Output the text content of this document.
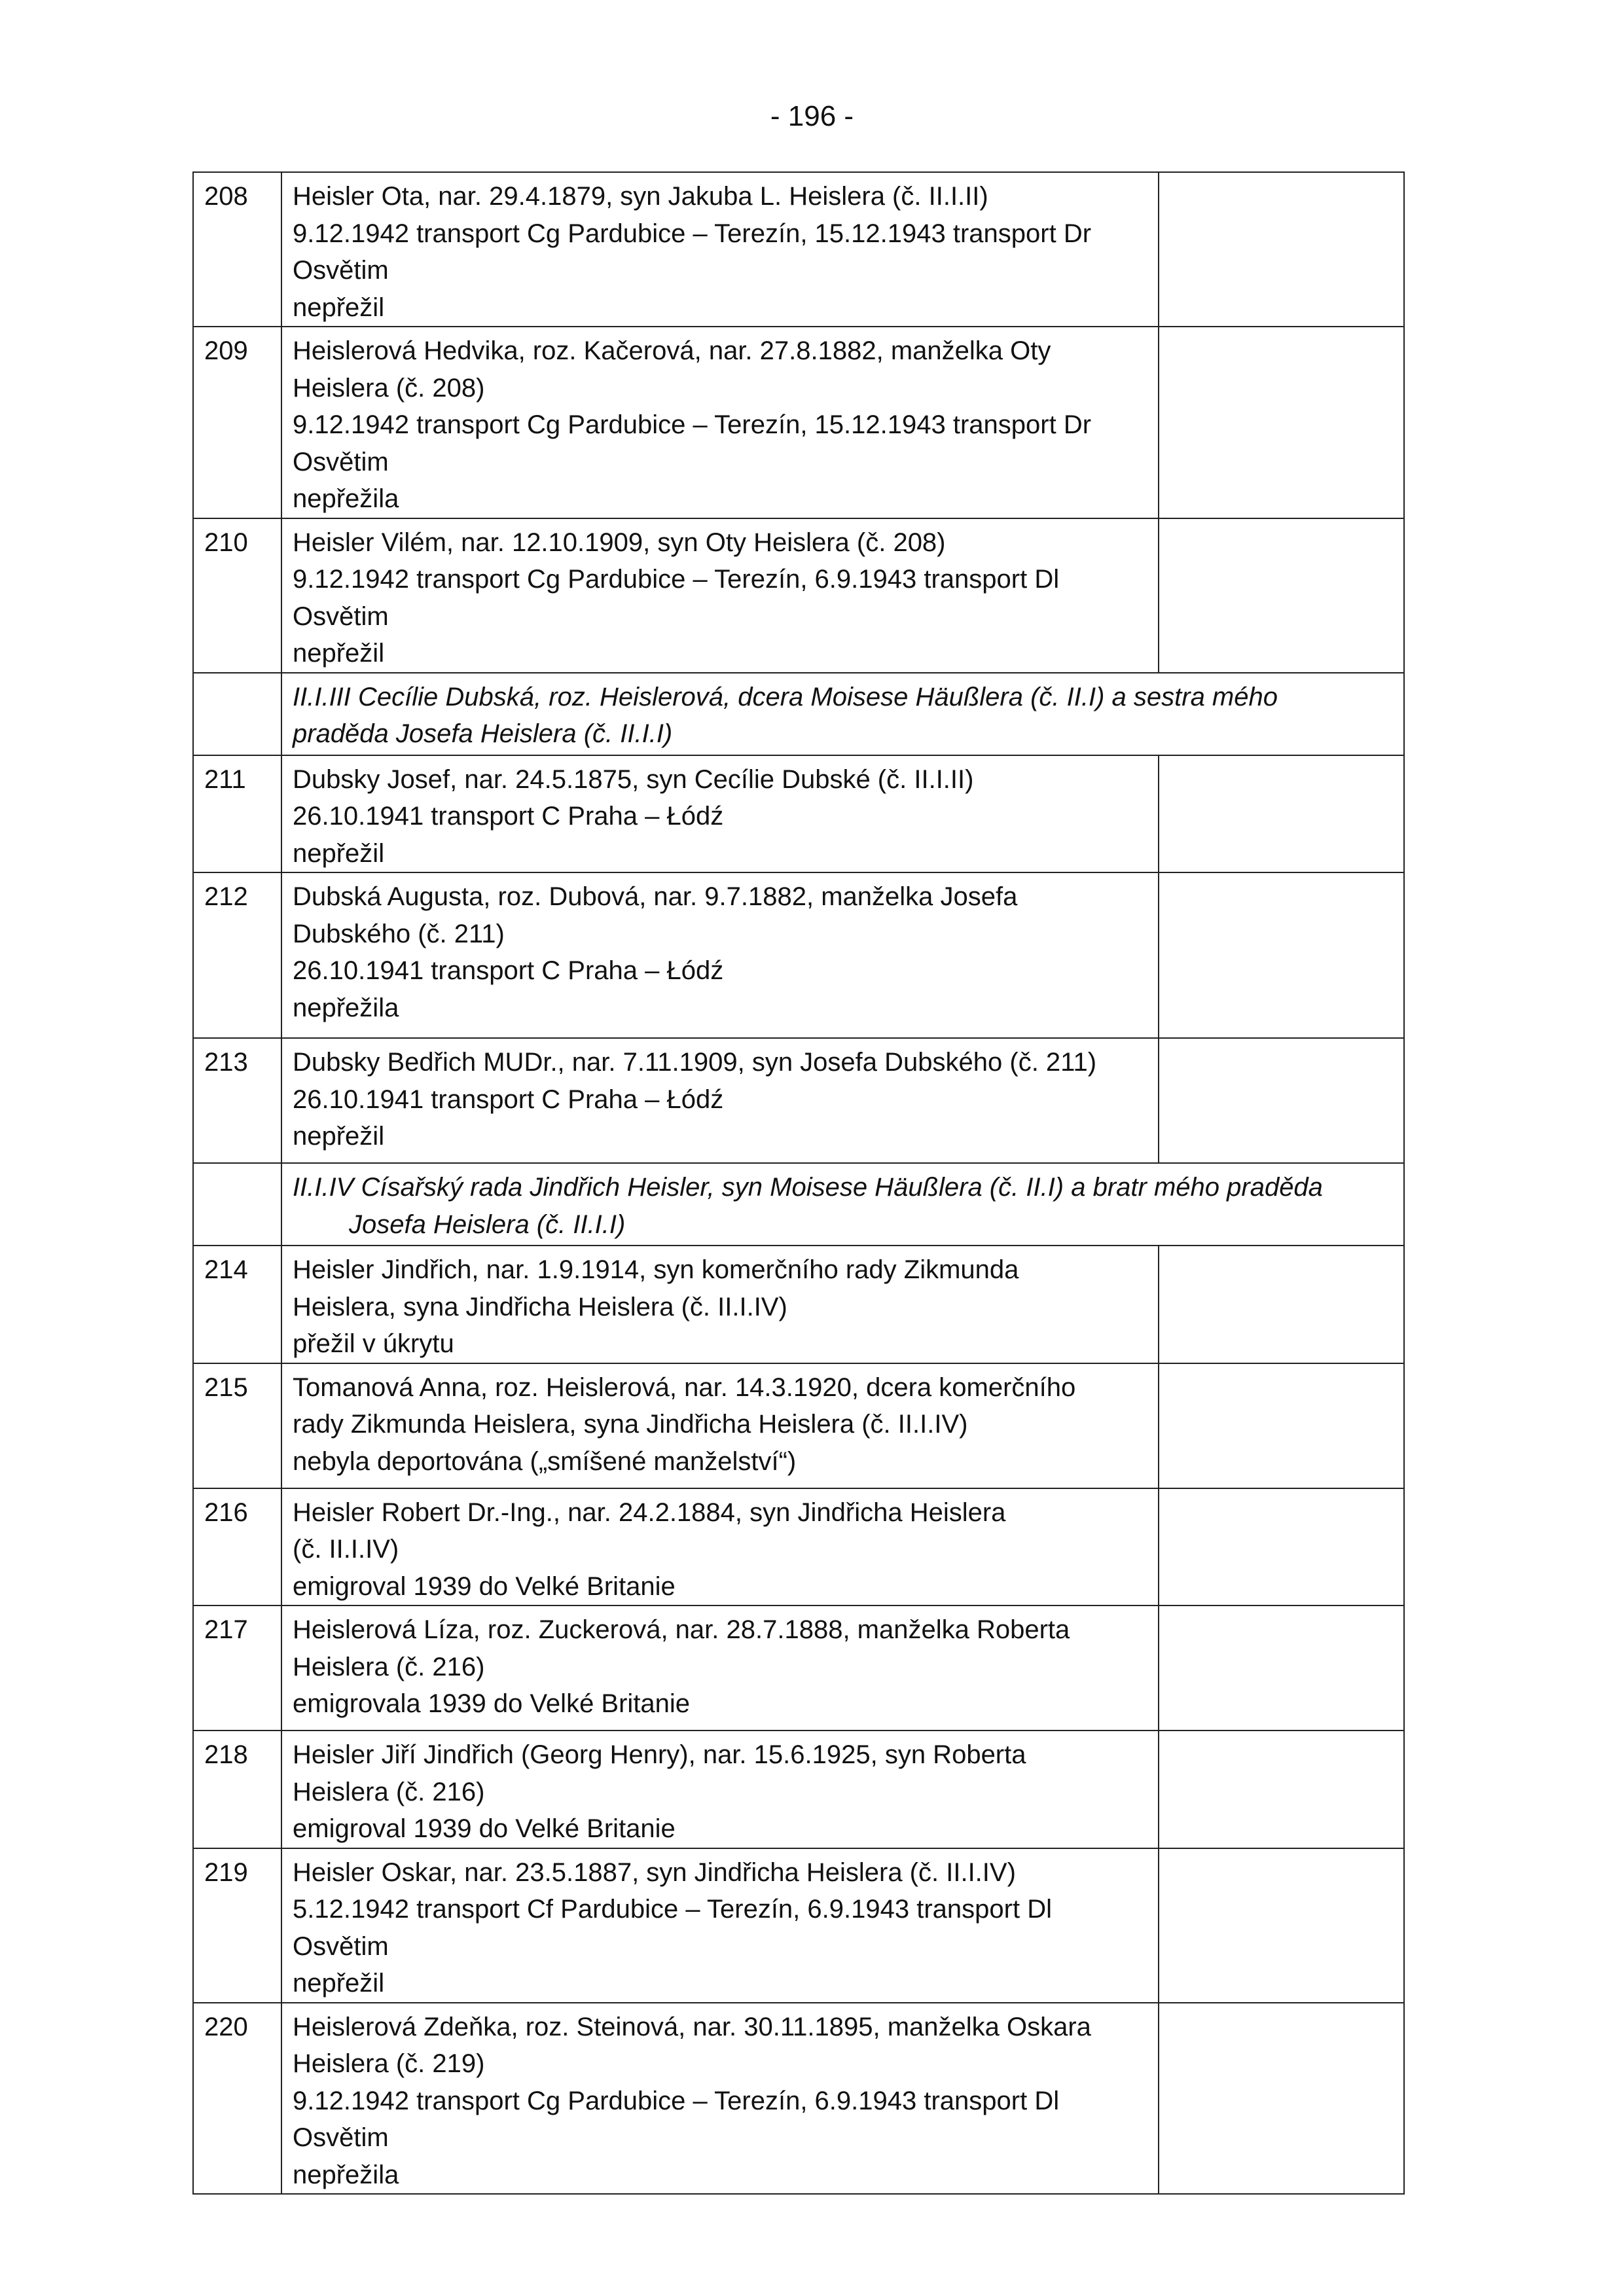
- 196 -
208	Heisler Ota, nar. 29.4.1879, syn Jakuba L. Heislera (č. II.I.II)
9.12.1942 transport Cg Pardubice – Terezín, 15.12.1943 transport Dr
Osvětim
nepřežil	

209	Heislerová Hedvika, roz. Kačerová, nar. 27.8.1882, manželka Oty
Heislera (č. 208)
9.12.1942 transport Cg Pardubice – Terezín, 15.12.1943 transport Dr
Osvětim
nepřežila	

210	Heisler Vilém, nar. 12.10.1909, syn Oty Heislera (č. 208)
9.12.1942 transport Cg Pardubice – Terezín, 6.9.1943 transport Dl
Osvětim
nepřežil	

	II.I.III Cecílie Dubská, roz. Heislerová, dcera Moisese Häußlera (č. II.I) a sestra mého
praděda Josefa Heislera (č. II.I.I)	

211	Dubsky Josef, nar. 24.5.1875, syn Cecílie Dubské (č. II.I.II)
26.10.1941 transport C Praha – Łódź
nepřežil	

212	Dubská Augusta, roz. Dubová, nar. 9.7.1882, manželka Josefa
Dubského (č. 211)
26.10.1941 transport C Praha – Łódź
nepřežila	

213	Dubsky Bedřich MUDr., nar. 7.11.1909, syn Josefa Dubského (č. 211)
26.10.1941 transport C Praha – Łódź
nepřežil	

	II.I.IV Císařský rada Jindřich Heisler, syn Moisese Häußlera (č. II.I) a bratr mého praděda
Josefa Heislera (č. II.I.I)	

214	Heisler Jindřich, nar. 1.9.1914, syn komerčního rady Zikmunda
Heislera, syna Jindřicha Heislera (č. II.I.IV)
přežil v úkrytu	

215	Tomanová Anna, roz. Heislerová, nar. 14.3.1920, dcera komerčního
rady Zikmunda Heislera, syna Jindřicha Heislera (č. II.I.IV)
nebyla deportována („smíšené manželství“)	

216	Heisler Robert Dr.-Ing., nar. 24.2.1884, syn Jindřicha Heislera
(č. II.I.IV)
emigroval 1939 do Velké Britanie	

217	Heislerová Líza, roz. Zuckerová, nar. 28.7.1888, manželka Roberta
Heislera (č. 216)
emigrovala 1939 do Velké Britanie	

218	Heisler Jiří Jindřich (Georg Henry), nar. 15.6.1925, syn Roberta
Heislera (č. 216)
emigroval 1939 do Velké Britanie	

219	Heisler Oskar, nar. 23.5.1887, syn Jindřicha Heislera (č. II.I.IV)
5.12.1942 transport Cf Pardubice – Terezín, 6.9.1943 transport Dl
Osvětim
nepřežil	

220	Heislerová Zdeňka, roz. Steinová, nar. 30.11.1895, manželka Oskara
Heislera (č. 219)
9.12.1942 transport Cg Pardubice – Terezín, 6.9.1943 transport Dl
Osvětim
nepřežila	
